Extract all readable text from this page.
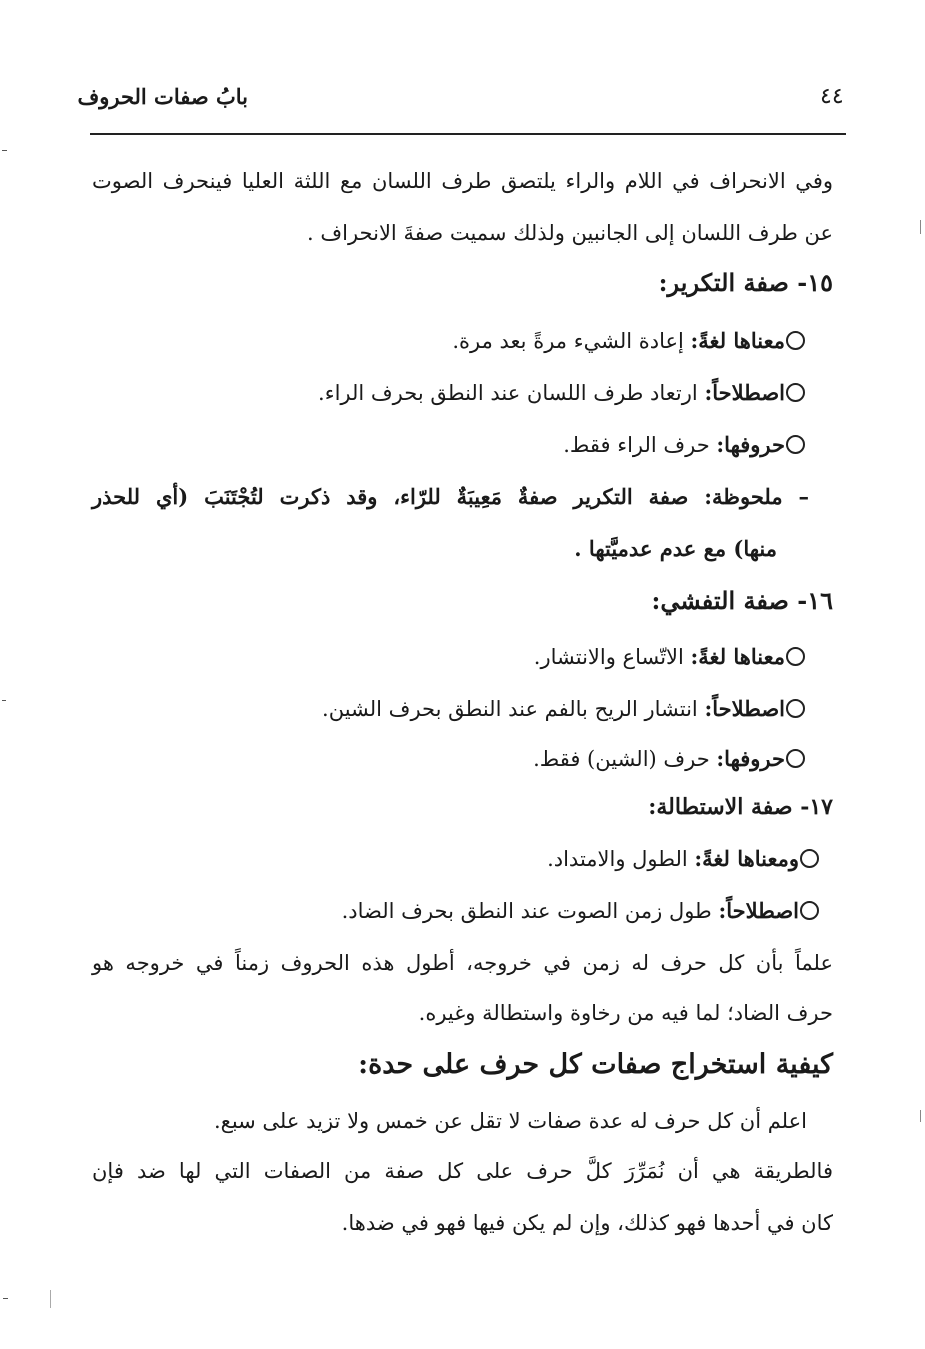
بابُ صفات الحروف	٤٤
وفي الانحراف في اللام والراء يلتصق طرف اللسان مع اللثة العليا فينحرف الصوت
عن طرف اللسان إلى الجانبين ولذلك سميت صفةَ الانحراف .
١٥- صفة التكرير:
معناها لغةً: إعادة الشيء مرةً بعد مرة.
اصطلاحاً: ارتعاد طرف اللسان عند النطق بحرف الراء.
حروفها: حرف الراء فقط.
– ملحوظة: صفة التكرير صفةٌ مَعِيبَةٌ للرّاء، وقد ذكرت لتُجْتَنَبَ (أي للحذر
منها) مع عدم عدميَّتها .
١٦- صفة التفشي:
معناها لغةً: الاتّساع والانتشار.
اصطلاحاً: انتشار الريح بالفم عند النطق بحرف الشين.
حروفها: حرف (الشين) فقط.
١٧- صفة الاستطالة:
ومعناها لغةً: الطول والامتداد.
اصطلاحاً: طول زمن الصوت عند النطق بحرف الضاد.
علماً بأن كل حرف له زمن في خروجه، أطول هذه الحروف زمناً في خروجه هو
حرف الضاد؛ لما فيه من رخاوة واستطالة وغيره.
كيفية استخراج صفات كل حرف على حدة:
اعلم أن كل حرف له عدة صفات لا تقل عن خمس ولا تزيد على سبع.
فالطريقة هي أن نُمَرِّرَ كلَّ حرف على كل صفة من الصفات التي لها ضد فإن
كان في أحدها فهو كذلك، وإن لم يكن فيها فهو في ضدها.
